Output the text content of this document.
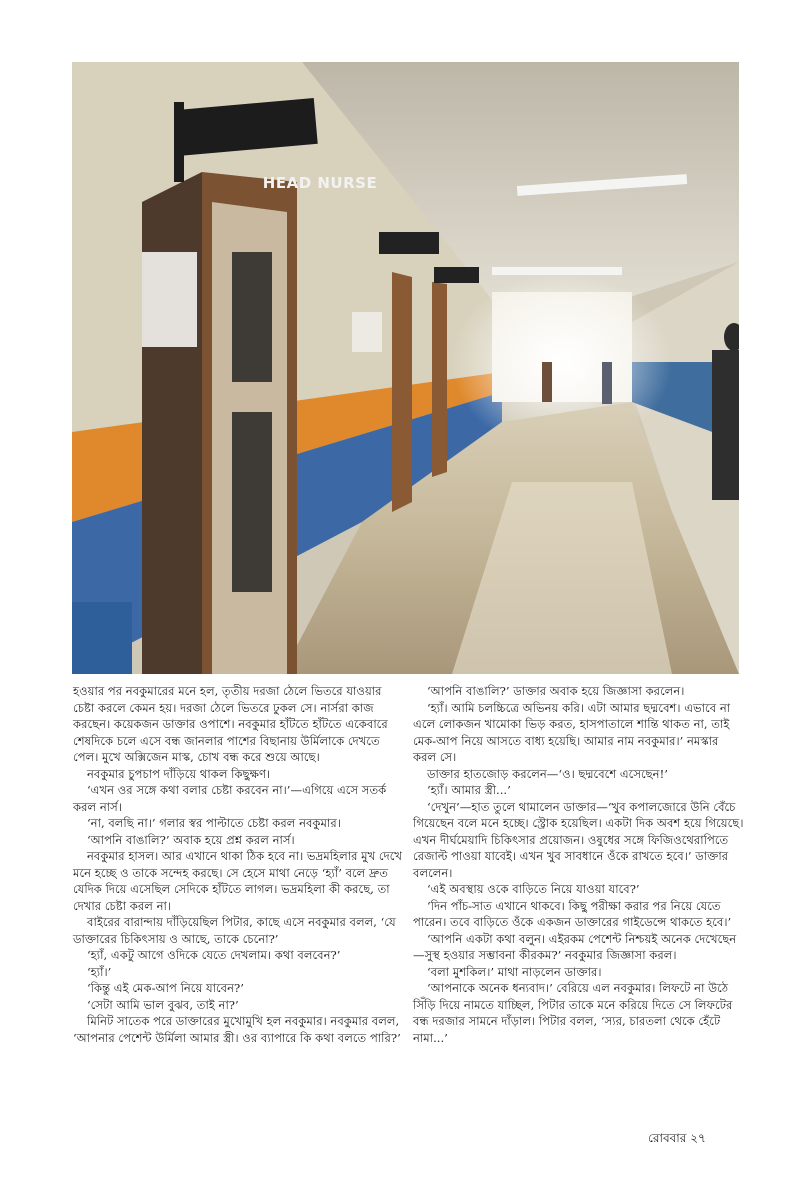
HEAD NURSE

হওয়ার পর নবকুমারের মনে হল, তৃতীয় দরজা ঠেলে ভিতরে যাওয়ার চেষ্টা করলে কেমন হয়। দরজা ঠেলে ভিতরে ঢুকল সে। নার্সরা কাজ করছেন। কয়েকজন ডাক্তার ওপাশে। নবকুমার হাঁটতে হাঁটতে একেবারে শেষদিকে চলে এসে বন্ধ জানলার পাশের বিছানায় উর্মিলাকে দেখতে পেল। মুখে অক্সিজেন মাস্ক, চোখ বন্ধ করে শুয়ে আছে।

নবকুমার চুপচাপ দাঁড়িয়ে থাকল কিছুক্ষণ।

‘এখন ওর সঙ্গে কথা বলার চেষ্টা করবেন না।’—এগিয়ে এসে সতর্ক করল নার্স।

‘না, বলছি না।’ গলার স্বর পাল্টাতে চেষ্টা করল নবকুমার।

‘আপনি বাঙালি?’ অবাক হয়ে প্রশ্ন করল নার্স।

নবকুমার হাসল। আর এখানে থাকা ঠিক হবে না। ভদ্রমহিলার মুখ দেখে মনে হচ্ছে ও তাকে সন্দেহ করছে। সে হেসে মাথা নেড়ে ‘হ্যাঁ’ বলে দ্রুত যেদিক দিয়ে এসেছিল সেদিকে হাঁটতে লাগল। ভদ্রমহিলা কী করছে, তা দেখার চেষ্টা করল না।

বাইরের বারান্দায় দাঁড়িয়েছিল পিটার, কাছে এসে নবকুমার বলল, ‘যে ডাক্তারের চিকিৎসায় ও আছে, তাকে চেনো?’

‘হ্যাঁ, একটু আগে ওদিকে যেতে দেখলাম। কথা বলবেন?’

‘হ্যাঁ।’

‘কিন্তু এই মেক-আপ নিয়ে যাবেন?’

‘সেটা আমি ভাল বুঝব, তাই না?’

মিনিট সাতেক পরে ডাক্তারের মুখোমুখি হল নবকুমার। নবকুমার বলল, ‘আপনার পেশেন্ট উর্মিলা আমার স্ত্রী। ওর ব্যাপারে কি কথা বলতে পারি?’

‘আপনি বাঙালি?’ ডাক্তার অবাক হয়ে জিজ্ঞাসা করলেন।

‘হ্যাঁ। আমি চলচ্চিত্রে অভিনয় করি। এটা আমার ছদ্মবেশ। এভাবে না এলে লোকজন খামোকা ভিড় করত, হাসপাতালে শান্তি থাকত না, তাই মেক-আপ নিয়ে আসতে বাধ্য হয়েছি। আমার নাম নবকুমার।’ নমস্কার করল সে।

ডাক্তার হাতজোড় করলেন—‘ও। ছদ্মবেশে এসেছেন!’

‘হ্যাঁ। আমার স্ত্রী...’

‘দেখুন’—হাত তুলে থামালেন ডাক্তার—‘খুব কপালজোরে উনি বেঁচে গিয়েছেন বলে মনে হচ্ছে। স্ট্রোক হয়েছিল। একটা দিক অবশ হয়ে গিয়েছে। এখন দীর্ঘমেয়াদি চিকিৎসার প্রয়োজন। ওষুধের সঙ্গে ফিজিওথেরাপিতে রেজাল্ট পাওয়া যাবেই। এখন খুব সাবধানে ওঁকে রাখতে হবে।’ ডাক্তার বললেন।

‘এই অবস্থায় ওকে বাড়িতে নিয়ে যাওয়া যাবে?’

‘দিন পাঁচ-সাত এখানে থাকবে। কিছু পরীক্ষা করার পর নিয়ে যেতে পারেন। তবে বাড়িতে ওঁকে একজন ডাক্তারের গাইডেন্সে থাকতে হবে।’

‘আপনি একটা কথা বলুন। এইরকম পেশেন্ট নিশ্চয়ই অনেক দেখেছেন—সুস্থ হওয়ার সম্ভাবনা কীরকম?’ নবকুমার জিজ্ঞাসা করল।

‘বলা মুশকিল।’ মাথা নাড়লেন ডাক্তার।

‘আপনাকে অনেক ধন্যবাদ।’ বেরিয়ে এল নবকুমার। লিফটে না উঠে সিঁড়ি দিয়ে নামতে যাচ্ছিল, পিটার তাকে মনে করিয়ে দিতে সে লিফটের বন্ধ দরজার সামনে দাঁড়াল। পিটার বলল, ‘স্যর, চারতলা থেকে হেঁটে নামা...’

রোববার ২৭
